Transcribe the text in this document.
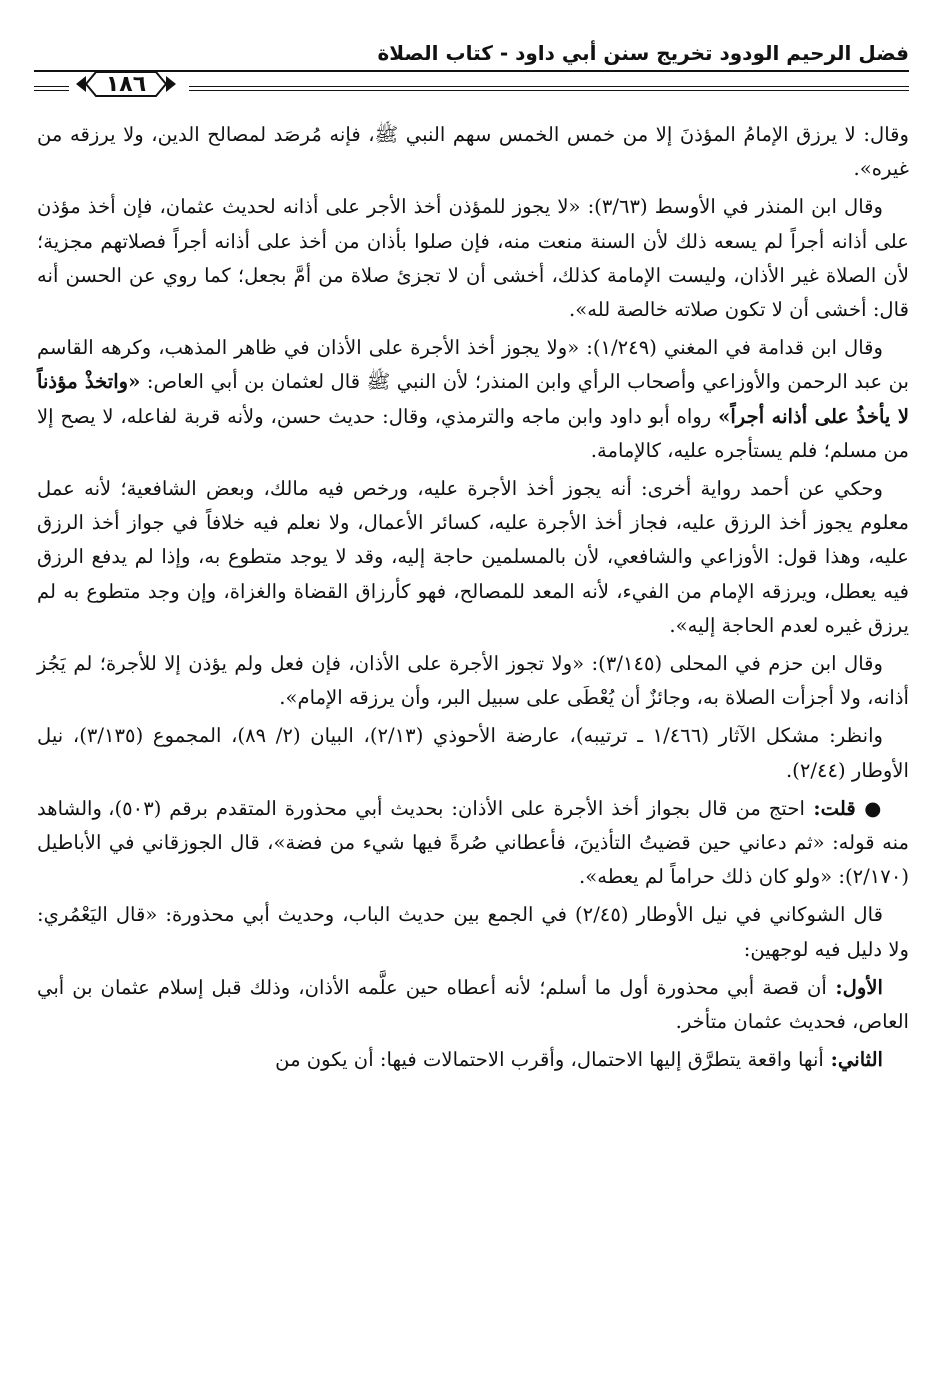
فضل الرحيم الودود تخريج سنن أبي داود - كتاب الصلاة
١٨٦

وقال: لا يرزق الإمامُ المؤذنَ إلا من خمس الخمس سهم النبي ﷺ، فإنه مُرصَد لمصالح الدين، ولا يرزقه من غيره».

وقال ابن المنذر في الأوسط (٣/٦٣): «لا يجوز للمؤذن أخذ الأجر على أذانه لحديث عثمان، فإن أخذ مؤذن على أذانه أجراً لم يسعه ذلك لأن السنة منعت منه، فإن صلوا بأذان من أخذ على أذانه أجراً فصلاتهم مجزية؛ لأن الصلاة غير الأذان، وليست الإمامة كذلك، أخشى أن لا تجزئ صلاة من أمَّ بجعل؛ كما روي عن الحسن أنه قال: أخشى أن لا تكون صلاته خالصة لله».

وقال ابن قدامة في المغني (١/٢٤٩): «ولا يجوز أخذ الأجرة على الأذان في ظاهر المذهب، وكرهه القاسم بن عبد الرحمن والأوزاعي وأصحاب الرأي وابن المنذر؛ لأن النبي ﷺ قال لعثمان بن أبي العاص: «واتخذْ مؤذناً لا يأخذُ على أذانه أجراً» رواه أبو داود وابن ماجه والترمذي، وقال: حديث حسن، ولأنه قربة لفاعله، لا يصح إلا من مسلم؛ فلم يستأجره عليه، كالإمامة.

وحكي عن أحمد رواية أخرى: أنه يجوز أخذ الأجرة عليه، ورخص فيه مالك، وبعض الشافعية؛ لأنه عمل معلوم يجوز أخذ الرزق عليه، فجاز أخذ الأجرة عليه، كسائر الأعمال، ولا نعلم فيه خلافاً في جواز أخذ الرزق عليه، وهذا قول: الأوزاعي والشافعي، لأن بالمسلمين حاجة إليه، وقد لا يوجد متطوع به، وإذا لم يدفع الرزق فيه يعطل، ويرزقه الإمام من الفيء، لأنه المعد للمصالح، فهو كأرزاق القضاة والغزاة، وإن وجد متطوع به لم يرزق غيره لعدم الحاجة إليه».

وقال ابن حزم في المحلى (٣/١٤٥): «ولا تجوز الأجرة على الأذان، فإن فعل ولم يؤذن إلا للأجرة؛ لم يَجُز أذانه، ولا أجزأت الصلاة به، وجائزٌ أن يُعْطَى على سبيل البر، وأن يرزقه الإمام».

وانظر: مشكل الآثار (١/٤٦٦ ـ ترتيبه)، عارضة الأحوذي (٢/١٣)، البيان (٢/ ٨٩)، المجموع (٣/١٣٥)، نيل الأوطار (٢/٤٤).

● قلت: احتج من قال بجواز أخذ الأجرة على الأذان: بحديث أبي محذورة المتقدم برقم (٥٠٣)، والشاهد منه قوله: «ثم دعاني حين قضيتُ التأذينَ، فأعطاني صُرةً فيها شيء من فضة»، قال الجوزقاني في الأباطيل (٢/١٧٠): «ولو كان ذلك حراماً لم يعطه».

قال الشوكاني في نيل الأوطار (٢/٤٥) في الجمع بين حديث الباب، وحديث أبي محذورة: «قال اليَعْمُري: ولا دليل فيه لوجهين:

الأول: أن قصة أبي محذورة أول ما أسلم؛ لأنه أعطاه حين علَّمه الأذان، وذلك قبل إسلام عثمان بن أبي العاص، فحديث عثمان متأخر.

الثاني: أنها واقعة يتطرَّق إليها الاحتمال، وأقرب الاحتمالات فيها: أن يكون من
